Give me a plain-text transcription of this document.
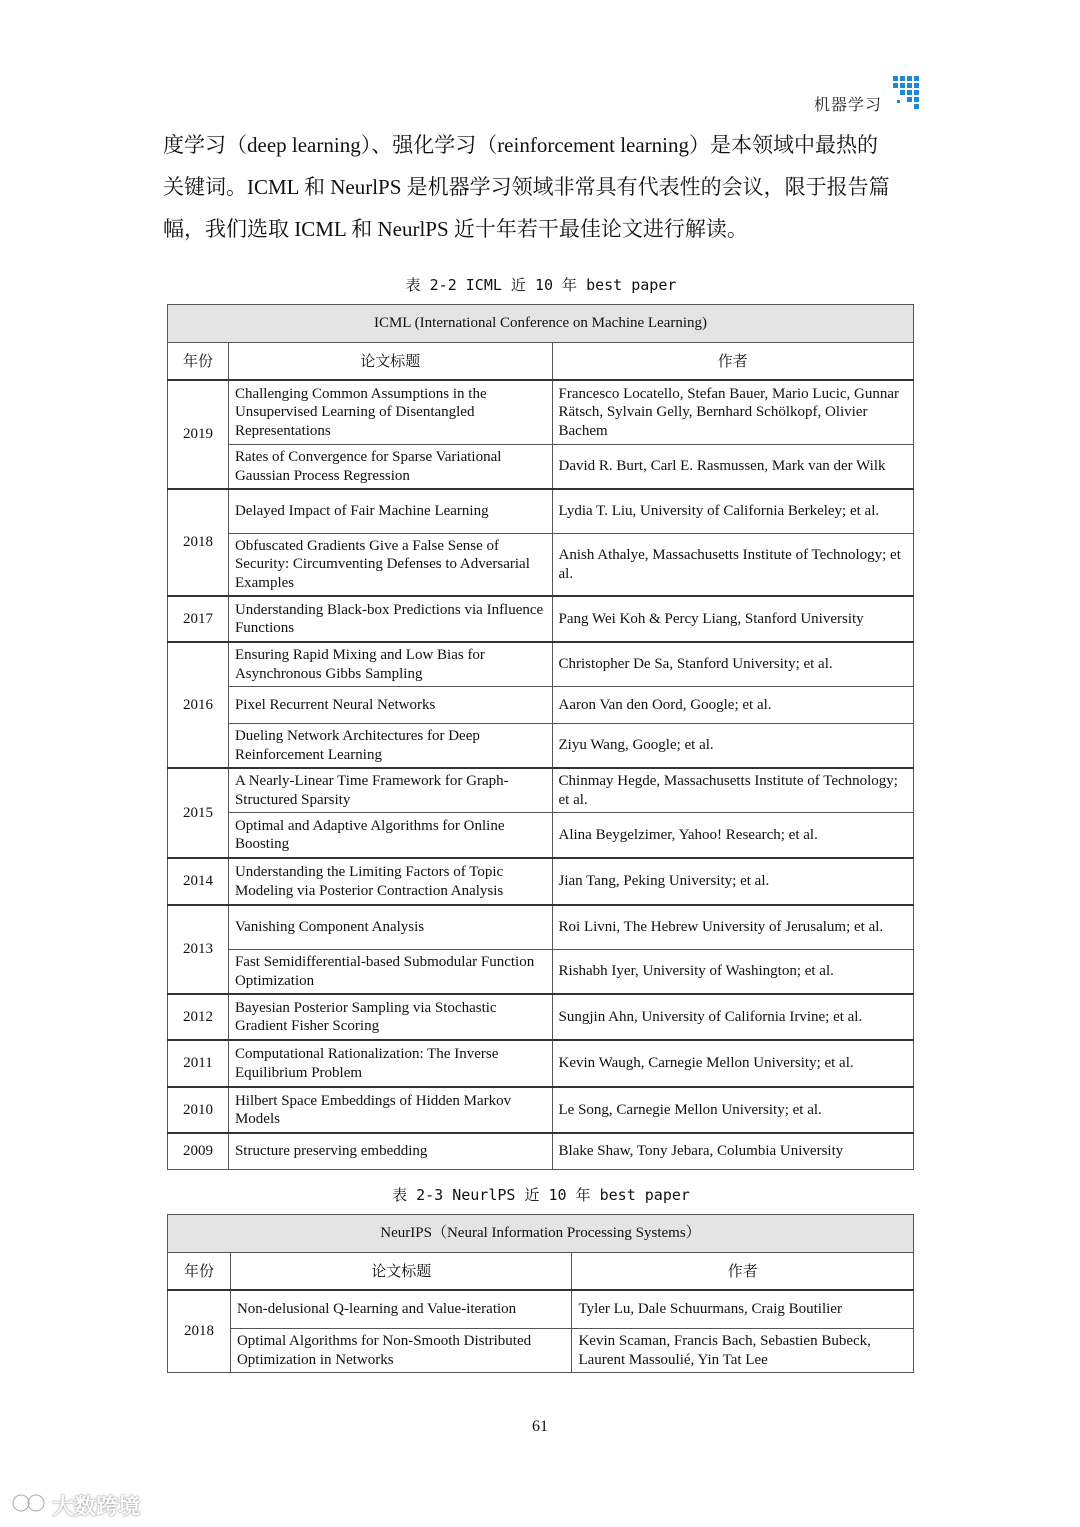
机器学习

度学习（deep learning）、强化学习（reinforcement learning）是本领域中最热的

关键词。ICML 和 NeurlPS 是机器学习领域非常具有代表性的会议，限于报告篇

幅，我们选取 ICML 和 NeurlPS 近十年若干最佳论文进行解读。

表 2-2 ICML 近 10 年 best paper
ICML (International Conference on Machine Learning)		
年份	论文标题	作者
2019	Challenging Common Assumptions in the Unsupervised Learning of Disentangled Representations	Francesco Locatello, Stefan Bauer, Mario Lucic, Gunnar Rätsch, Sylvain Gelly, Bernhard Schölkopf, Olivier Bachem
	Rates of Convergence for Sparse Variational Gaussian Process Regression	David R. Burt, Carl E. Rasmussen, Mark van der Wilk
2018	Delayed Impact of Fair Machine Learning	Lydia T. Liu, University of California Berkeley; et al.
	Obfuscated Gradients Give a False Sense of Security: Circumventing Defenses to Adversarial Examples	Anish Athalye, Massachusetts Institute of Technology; et al.
2017	Understanding Black-box Predictions via Influence Functions	Pang Wei Koh & Percy Liang, Stanford University
2016	Ensuring Rapid Mixing and Low Bias for Asynchronous Gibbs Sampling	Christopher De Sa, Stanford University; et al.
	Pixel Recurrent Neural Networks	Aaron Van den Oord, Google; et al.
	Dueling Network Architectures for Deep Reinforcement Learning	Ziyu Wang, Google; et al.
2015	A Nearly-Linear Time Framework for Graph-Structured Sparsity	Chinmay Hegde, Massachusetts Institute of Technology; et al.
	Optimal and Adaptive Algorithms for Online Boosting	Alina Beygelzimer, Yahoo! Research; et al.
2014	Understanding the Limiting Factors of Topic Modeling via Posterior Contraction Analysis	Jian Tang, Peking University; et al.
2013	Vanishing Component Analysis	Roi Livni, The Hebrew University of Jerusalum; et al.
	Fast Semidifferential-based Submodular Function Optimization	Rishabh Iyer, University of Washington; et al.
2012	Bayesian Posterior Sampling via Stochastic Gradient Fisher Scoring	Sungjin Ahn, University of California Irvine; et al.
2011	Computational Rationalization: The Inverse Equilibrium Problem	Kevin Waugh, Carnegie Mellon University; et al.
2010	Hilbert Space Embeddings of Hidden Markov Models	Le Song, Carnegie Mellon University; et al.
2009	Structure preserving embedding	Blake Shaw, Tony Jebara, Columbia University
表 2-3 NeurlPS 近 10 年 best paper
NeurIPS（Neural Information Processing Systems）		
年份	论文标题	作者
2018	Non-delusional Q-learning and Value-iteration	Tyler Lu, Dale Schuurmans, Craig Boutilier
	Optimal Algorithms for Non-Smooth Distributed Optimization in Networks	Kevin Scaman, Francis Bach, Sebastien Bubeck, Laurent Massoulié, Yin Tat Lee
61
大数跨境
